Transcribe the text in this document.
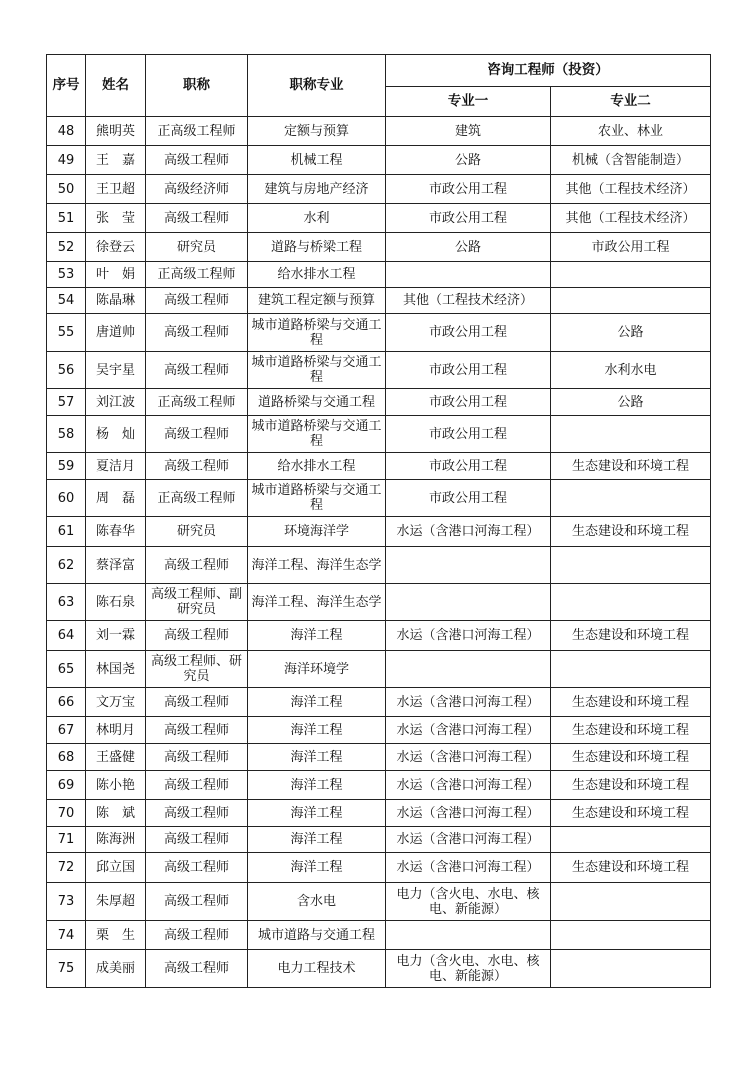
序号	姓名	职称	职称专业	咨询工程师（投资）	
				专业一	专业二
48	熊明英	正高级工程师	定额与预算	建筑	农业、林业
49	王　嘉	高级工程师	机械工程	公路	机械（含智能制造）
50	王卫超	高级经济师	建筑与房地产经济	市政公用工程	其他（工程技术经济）
51	张　莹	高级工程师	水利	市政公用工程	其他（工程技术经济）
52	徐登云	研究员	道路与桥梁工程	公路	市政公用工程
53	叶　娟	正高级工程师	给水排水工程		
54	陈晶琳	高级工程师	建筑工程定额与预算	其他（工程技术经济）	
55	唐道帅	高级工程师	城市道路桥梁与交通工程	市政公用工程	公路
56	吴宇星	高级工程师	城市道路桥梁与交通工程	市政公用工程	水利水电
57	刘江波	正高级工程师	道路桥梁与交通工程	市政公用工程	公路
58	杨　灿	高级工程师	城市道路桥梁与交通工程	市政公用工程	
59	夏洁月	高级工程师	给水排水工程	市政公用工程	生态建设和环境工程
60	周　磊	正高级工程师	城市道路桥梁与交通工程	市政公用工程	
61	陈春华	研究员	环境海洋学	水运（含港口河海工程）	生态建设和环境工程
62	蔡泽富	高级工程师	海洋工程、海洋生态学		
63	陈石泉	高级工程师、副研究员	海洋工程、海洋生态学		
64	刘一霖	高级工程师	海洋工程	水运（含港口河海工程）	生态建设和环境工程
65	林国尧	高级工程师、研究员	海洋环境学		
66	文万宝	高级工程师	海洋工程	水运（含港口河海工程）	生态建设和环境工程
67	林明月	高级工程师	海洋工程	水运（含港口河海工程）	生态建设和环境工程
68	王盛健	高级工程师	海洋工程	水运（含港口河海工程）	生态建设和环境工程
69	陈小艳	高级工程师	海洋工程	水运（含港口河海工程）	生态建设和环境工程
70	陈　斌	高级工程师	海洋工程	水运（含港口河海工程）	生态建设和环境工程
71	陈海洲	高级工程师	海洋工程	水运（含港口河海工程）	
72	邱立国	高级工程师	海洋工程	水运（含港口河海工程）	生态建设和环境工程
73	朱厚超	高级工程师	含水电	电力（含火电、水电、核电、新能源）	
74	栗　生	高级工程师	城市道路与交通工程		
75	成美丽	高级工程师	电力工程技术	电力（含火电、水电、核电、新能源）	
